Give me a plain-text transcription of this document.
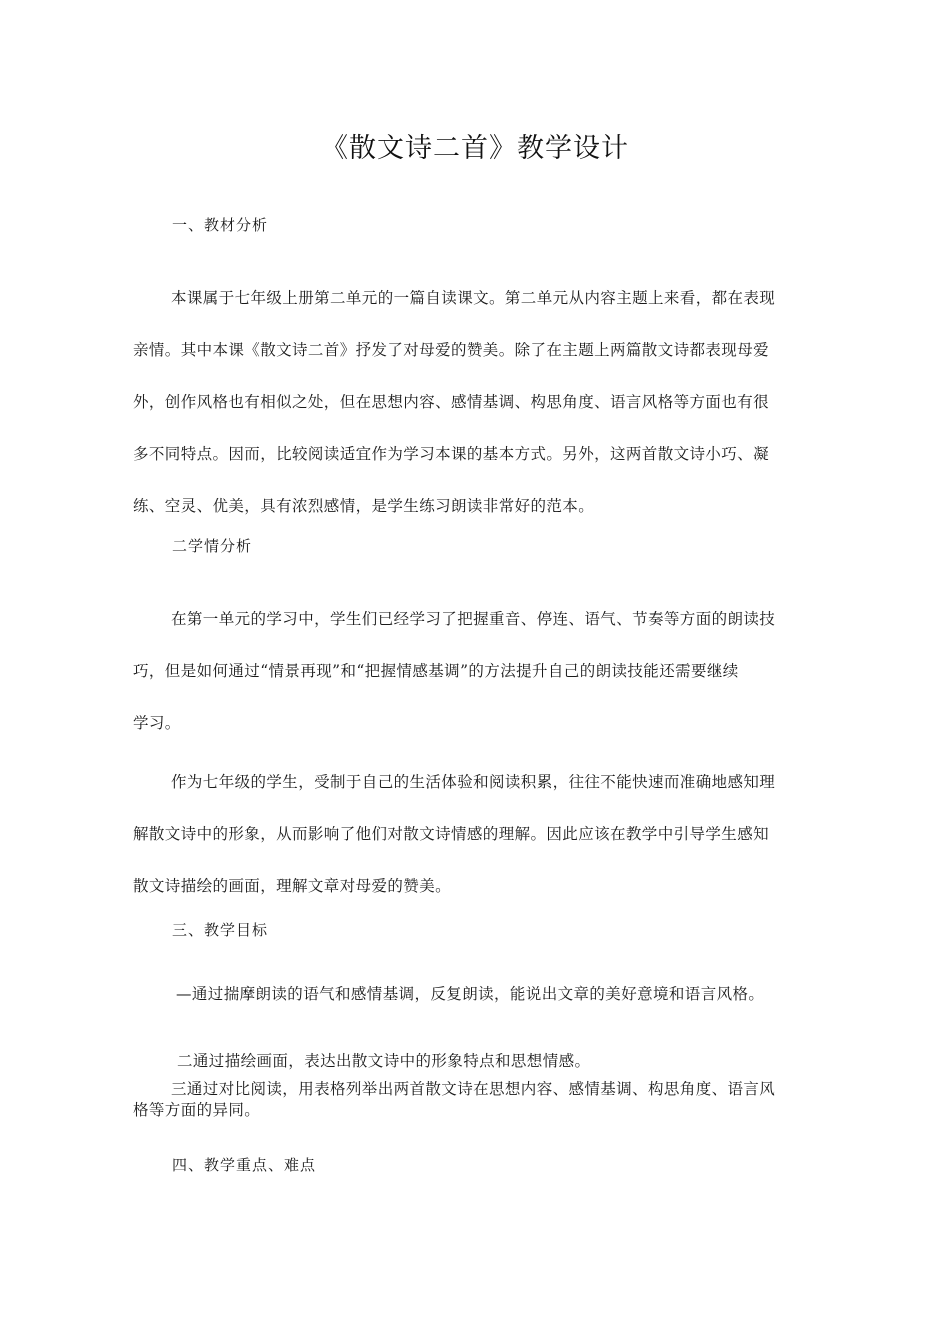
《散文诗二首》教学设计
一、教材分析
本课属于七年级上册第二单元的一篇自读课文。第二单元从内容主题上来看，都在表现
亲情。其中本课《散文诗二首》抒发了对母爱的赞美。除了在主题上两篇散文诗都表现母爱
外，创作风格也有相似之处，但在思想内容、感情基调、构思角度、语言风格等方面也有很
多不同特点。因而，比较阅读适宜作为学习本课的基本方式。另外，这两首散文诗小巧、凝
练、空灵、优美，具有浓烈感情，是学生练习朗读非常好的范本。
二学情分析
在第一单元的学习中，学生们已经学习了把握重音、停连、语气、节奏等方面的朗读技
巧，但是如何通过“情景再现”和“把握情感基调”的方法提升自己的朗读技能还需要继续
学习。
作为七年级的学生，受制于自己的生活体验和阅读积累，往往不能快速而准确地感知理
解散文诗中的形象，从而影响了他们对散文诗情感的理解。因此应该在教学中引导学生感知
散文诗描绘的画面，理解文章对母爱的赞美。
三、教学目标
—通过揣摩朗读的语气和感情基调，反复朗读，能说出文章的美好意境和语言风格。
二通过描绘画面，表达出散文诗中的形象特点和思想情感。
三通过对比阅读，用表格列举出两首散文诗在思想内容、感情基调、构思角度、语言风
格等方面的异同。
四、教学重点、难点
